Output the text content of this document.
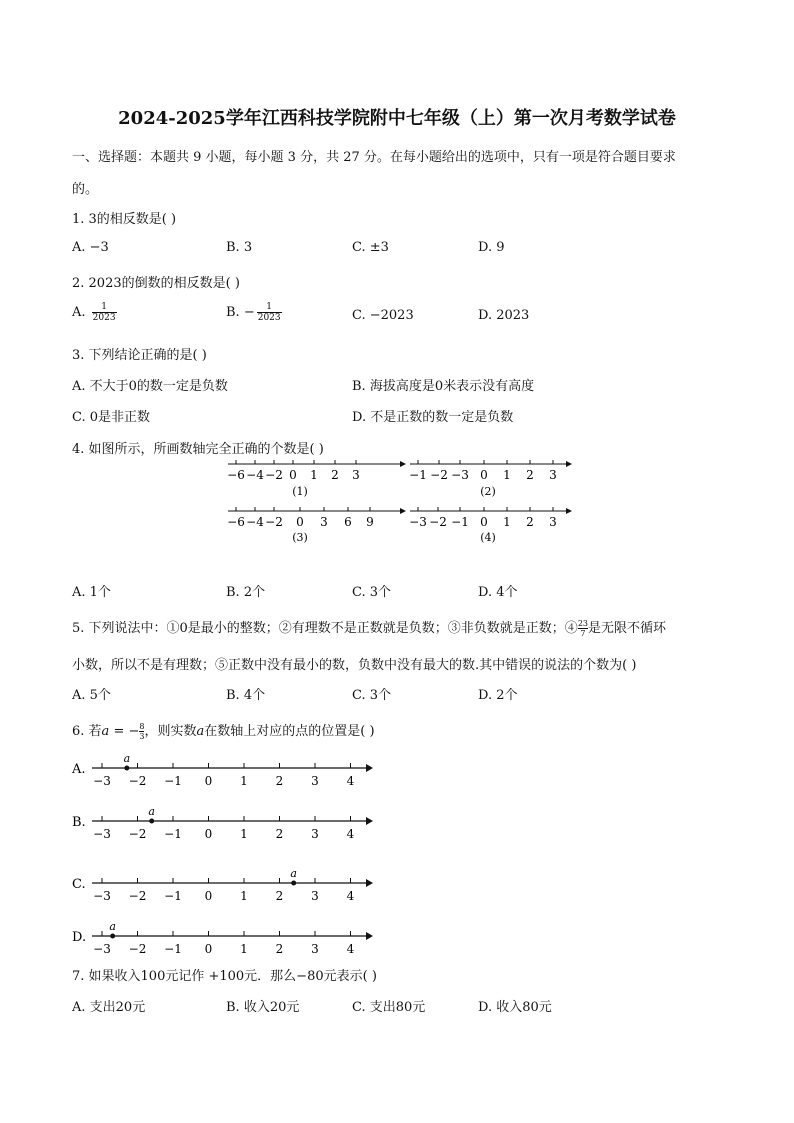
2024-2025学年江西科技学院附中七年级（上）第一次月考数学试卷
一、选择题：本题共 9 小题，每小题 3 分，共 27 分。在每小题给出的选项中，只有一项是符合题目要求
的。
1. 3的相反数是( )
A. −3	B. 3	C. ±3	D. 9
2. 2023的倒数的相反数是( )
A. $\frac{1}{2023}$	B. − $\frac{1}{2023}$	C. −2023	D. 2023
3. 下列结论正确的是( )
A. 不大于0的数一定是负数	B. 海拔高度是0米表示没有高度
C. 0是非正数	D. 不是正数的数一定是负数
4. 如图所示，所画数轴完全正确的个数是( )
−6 −4 −2 0 1 2 3
(1)
−1 −2 −3 0 1 2 3
(2)
−6 −4 −2 0 3 6 9
(3)
−3 −2 −1 0 1 2 3
(4)
A. 1个	B. 2个	C. 3个	D. 4个
5. 下列说法中：①0是最小的整数；②有理数不是正数就是负数；③非负数就是正数；④ $\frac{23}{7}$ 是无限不循环
小数，所以不是有理数；⑤正数中没有最小的数，负数中没有最大的数.其中错误的说法的个数为( )
A. 5个	B. 4个	C. 3个	D. 2个
6. 若a = − $\frac{8}{3}$ ，则实数a在数轴上对应的点的位置是( )
A.
−3 −2 −1 0 1 2 3 4
a
B.
−3 −2 −1 0 1 2 3 4
a
C.
−3 −2 −1 0 1 2 3 4
a
D.
−3 −2 −1 0 1 2 3 4
a
7. 如果收入100元记作 +100元．那么−80元表示( )
A. 支出20元	B. 收入20元	C. 支出80元	D. 收入80元
